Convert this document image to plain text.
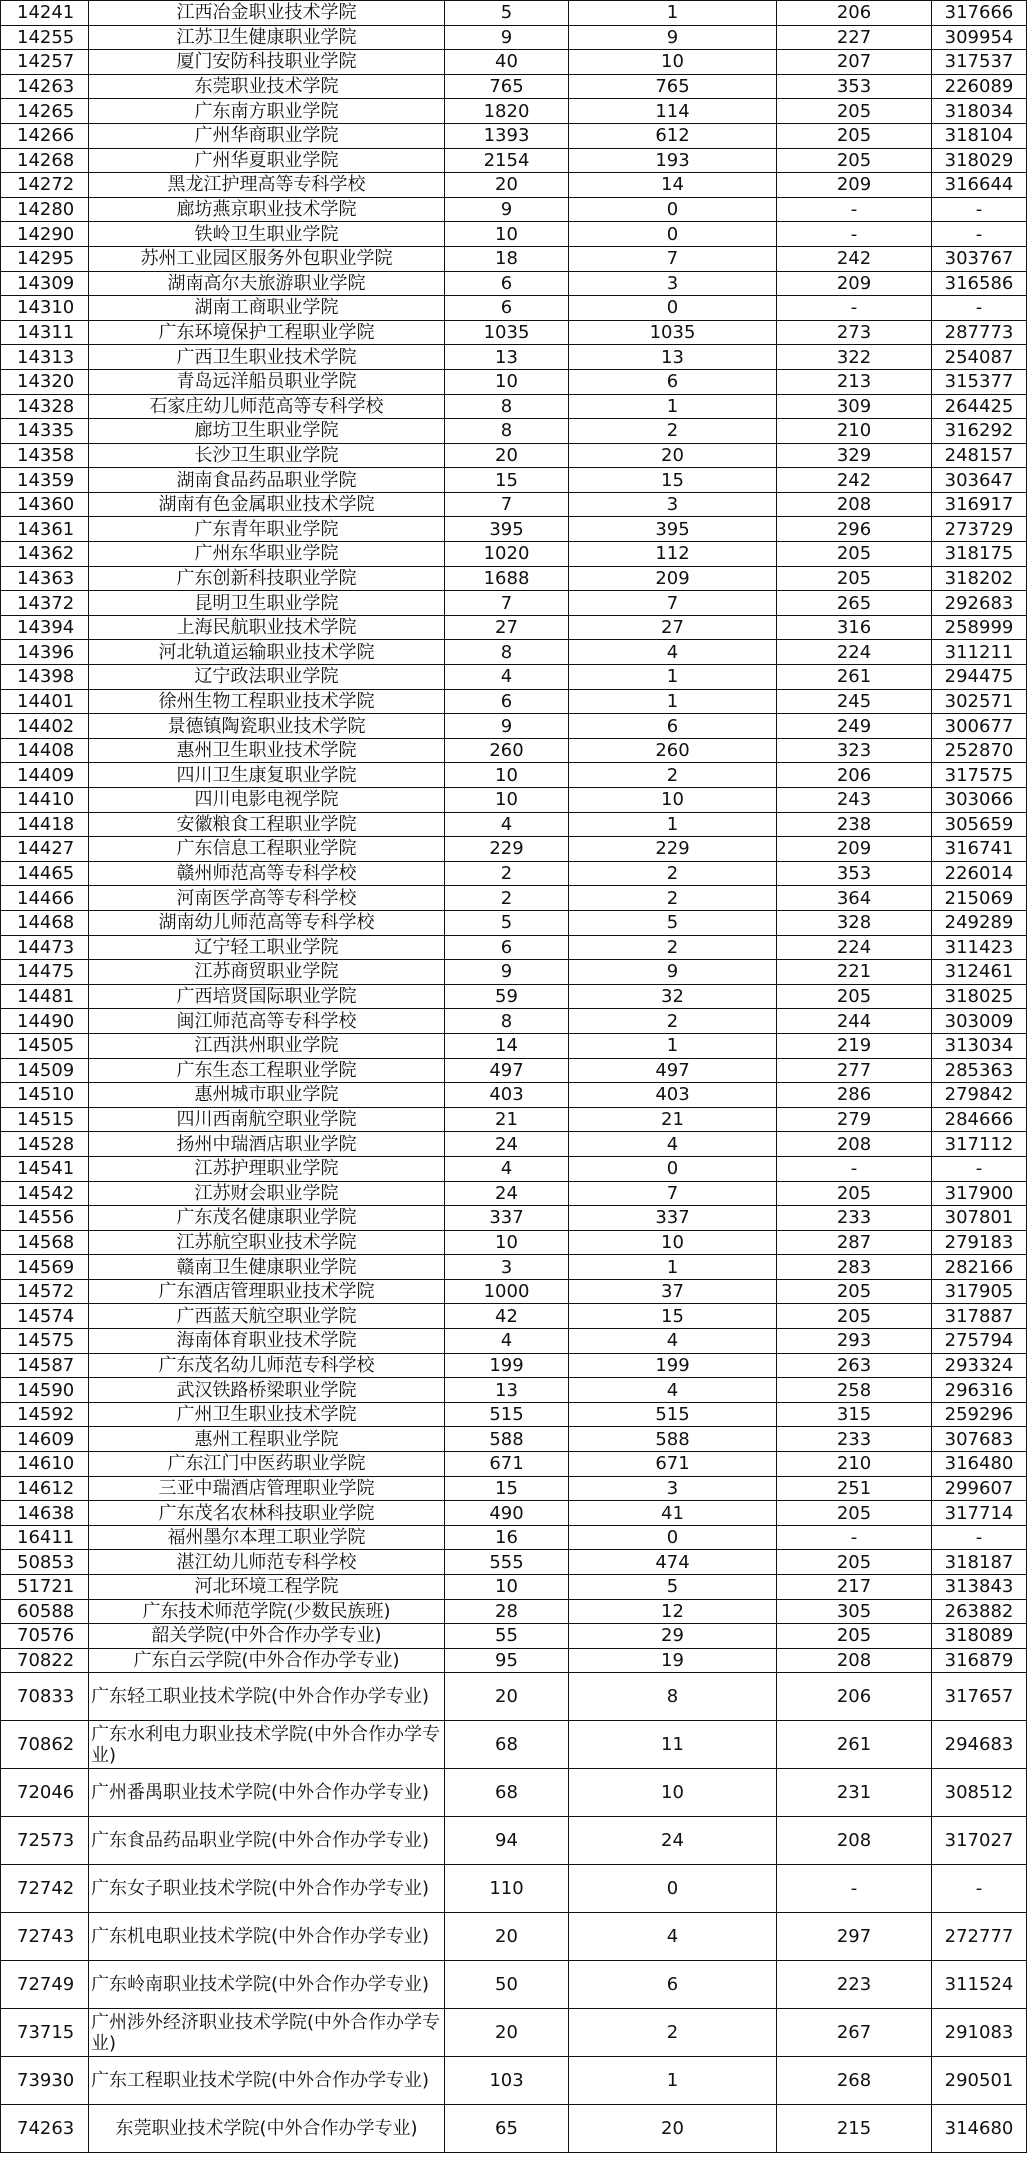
14241	江西冶金职业技术学院	5	1	206	317666
14255	江苏卫生健康职业学院	9	9	227	309954
14257	厦门安防科技职业学院	40	10	207	317537
14263	东莞职业技术学院	765	765	353	226089
14265	广东南方职业学院	1820	114	205	318034
14266	广州华商职业学院	1393	612	205	318104
14268	广州华夏职业学院	2154	193	205	318029
14272	黑龙江护理高等专科学校	20	14	209	316644
14280	廊坊燕京职业技术学院	9	0	-	-
14290	铁岭卫生职业学院	10	0	-	-
14295	苏州工业园区服务外包职业学院	18	7	242	303767
14309	湖南高尔夫旅游职业学院	6	3	209	316586
14310	湖南工商职业学院	6	0	-	-
14311	广东环境保护工程职业学院	1035	1035	273	287773
14313	广西卫生职业技术学院	13	13	322	254087
14320	青岛远洋船员职业学院	10	6	213	315377
14328	石家庄幼儿师范高等专科学校	8	1	309	264425
14335	廊坊卫生职业学院	8	2	210	316292
14358	长沙卫生职业学院	20	20	329	248157
14359	湖南食品药品职业学院	15	15	242	303647
14360	湖南有色金属职业技术学院	7	3	208	316917
14361	广东青年职业学院	395	395	296	273729
14362	广州东华职业学院	1020	112	205	318175
14363	广东创新科技职业学院	1688	209	205	318202
14372	昆明卫生职业学院	7	7	265	292683
14394	上海民航职业技术学院	27	27	316	258999
14396	河北轨道运输职业技术学院	8	4	224	311211
14398	辽宁政法职业学院	4	1	261	294475
14401	徐州生物工程职业技术学院	6	1	245	302571
14402	景德镇陶瓷职业技术学院	9	6	249	300677
14408	惠州卫生职业技术学院	260	260	323	252870
14409	四川卫生康复职业学院	10	2	206	317575
14410	四川电影电视学院	10	10	243	303066
14418	安徽粮食工程职业学院	4	1	238	305659
14427	广东信息工程职业学院	229	229	209	316741
14465	赣州师范高等专科学校	2	2	353	226014
14466	河南医学高等专科学校	2	2	364	215069
14468	湖南幼儿师范高等专科学校	5	5	328	249289
14473	辽宁轻工职业学院	6	2	224	311423
14475	江苏商贸职业学院	9	9	221	312461
14481	广西培贤国际职业学院	59	32	205	318025
14490	闽江师范高等专科学校	8	2	244	303009
14505	江西洪州职业学院	14	1	219	313034
14509	广东生态工程职业学院	497	497	277	285363
14510	惠州城市职业学院	403	403	286	279842
14515	四川西南航空职业学院	21	21	279	284666
14528	扬州中瑞酒店职业学院	24	4	208	317112
14541	江苏护理职业学院	4	0	-	-
14542	江苏财会职业学院	24	7	205	317900
14556	广东茂名健康职业学院	337	337	233	307801
14568	江苏航空职业技术学院	10	10	287	279183
14569	赣南卫生健康职业学院	3	1	283	282166
14572	广东酒店管理职业技术学院	1000	37	205	317905
14574	广西蓝天航空职业学院	42	15	205	317887
14575	海南体育职业技术学院	4	4	293	275794
14587	广东茂名幼儿师范专科学校	199	199	263	293324
14590	武汉铁路桥梁职业学院	13	4	258	296316
14592	广州卫生职业技术学院	515	515	315	259296
14609	惠州工程职业学院	588	588	233	307683
14610	广东江门中医药职业学院	671	671	210	316480
14612	三亚中瑞酒店管理职业学院	15	3	251	299607
14638	广东茂名农林科技职业学院	490	41	205	317714
16411	福州墨尔本理工职业学院	16	0	-	-
50853	湛江幼儿师范专科学校	555	474	205	318187
51721	河北环境工程学院	10	5	217	313843
60588	广东技术师范学院(少数民族班)	28	12	305	263882
70576	韶关学院(中外合作办学专业)	55	29	205	318089
70822	广东白云学院(中外合作办学专业)	95	19	208	316879
70833	广东轻工职业技术学院(中外合作办学专业)	20	8	206	317657
70862	广东水利电力职业技术学院(中外合作办学专业)	68	11	261	294683
72046	广州番禺职业技术学院(中外合作办学专业)	68	10	231	308512
72573	广东食品药品职业学院(中外合作办学专业)	94	24	208	317027
72742	广东女子职业技术学院(中外合作办学专业)	110	0	-	-
72743	广东机电职业技术学院(中外合作办学专业)	20	4	297	272777
72749	广东岭南职业技术学院(中外合作办学专业)	50	6	223	311524
73715	广州涉外经济职业技术学院(中外合作办学专业)	20	2	267	291083
73930	广东工程职业技术学院(中外合作办学专业)	103	1	268	290501
74263	东莞职业技术学院(中外合作办学专业)	65	20	215	314680
